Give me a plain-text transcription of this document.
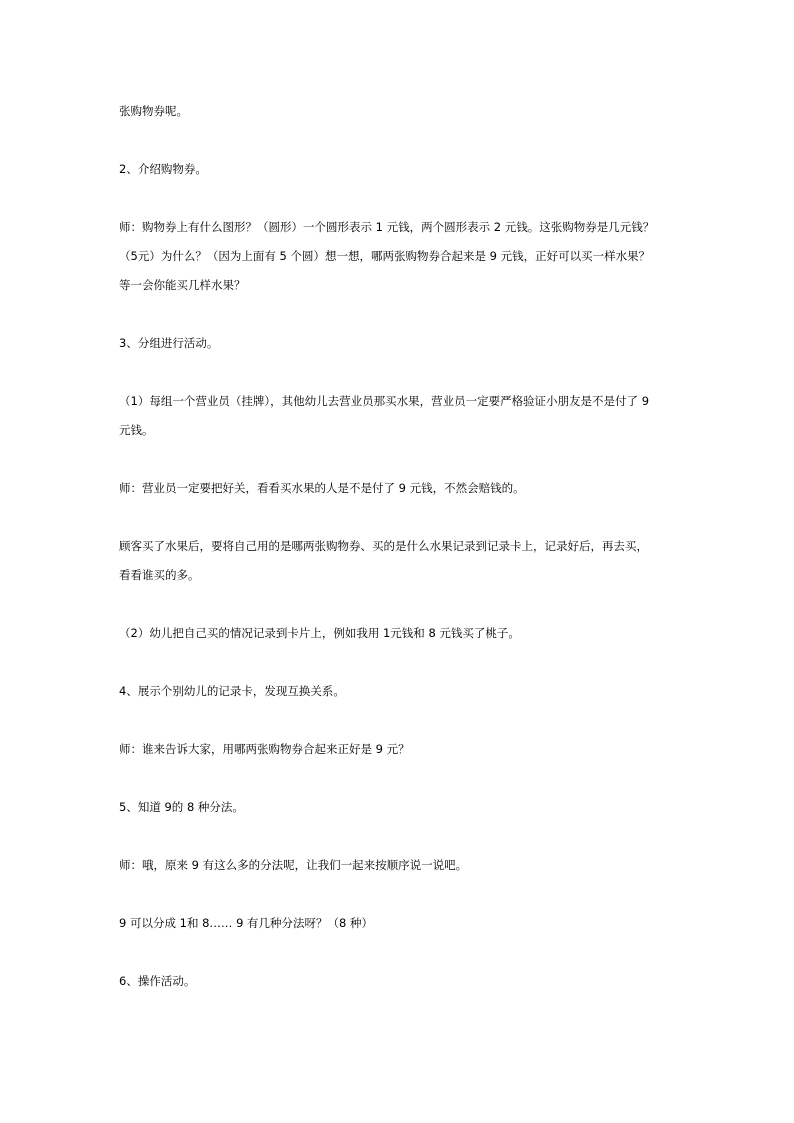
张购物券呢。
2、介绍购物券。
师：购物券上有什么图形？（圆形）一个圆形表示 1 元钱，两个圆形表示 2 元钱。这张购物券是几元钱？
（5元）为什么？（因为上面有 5 个圆）想一想，哪两张购物券合起来是 9 元钱，正好可以买一样水果？
等一会你能买几样水果？
3、分组进行活动。
（1）每组一个营业员（挂牌），其他幼儿去营业员那买水果，营业员一定要严格验证小朋友是不是付了 9
元钱。
师：营业员一定要把好关，看看买水果的人是不是付了 9 元钱，不然会赔钱的。
顾客买了水果后，要将自己用的是哪两张购物券、买的是什么水果记录到记录卡上，记录好后，再去买，
看看谁买的多。
（2）幼儿把自己买的情况记录到卡片上，例如我用 1元钱和 8 元钱买了桃子。
4、展示个别幼儿的记录卡，发现互换关系。
师：谁来告诉大家，用哪两张购物券合起来正好是 9 元？
5、知道 9的 8 种分法。
师：哦，原来 9 有这么多的分法呢，让我们一起来按顺序说一说吧。
9 可以分成 1和 8…… 9 有几种分法呀？（8 种）
6、操作活动。
